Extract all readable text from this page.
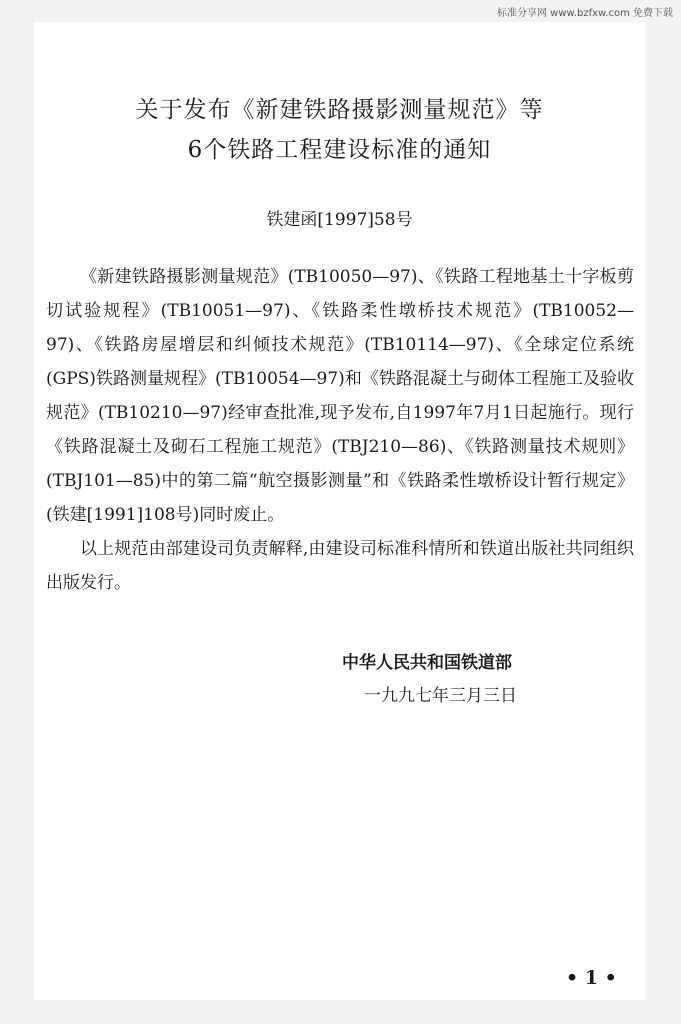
标准分享网 www.bzfxw.com 免费下载
关于发布《新建铁路摄影测量规范》等
6个铁路工程建设标准的通知
铁建函[1997]58号

《新建铁路摄影测量规范》(TB10050—97)、《铁路工程地基土十字板剪切试验规程》(TB10051—97)、《铁路柔性墩桥技术规范》(TB10052—97)、《铁路房屋增层和纠倾技术规范》(TB10114—97)、《全球定位系统(GPS)铁路测量规程》(TB10054—97)和《铁路混凝土与砌体工程施工及验收规范》(TB10210—97)经审查批准,现予发布,自1997年7月1日起施行。现行《铁路混凝土及砌石工程施工规范》(TBJ210—86)、《铁路测量技术规则》(TBJ101—85)中的第二篇“航空摄影测量”和《铁路柔性墩桥设计暂行规定》(铁建[1991]108号)同时废止。

以上规范由部建设司负责解释,由建设司标准科情所和铁道出版社共同组织出版发行。

中华人民共和国铁道部
一九九七年三月三日
• 1 •
